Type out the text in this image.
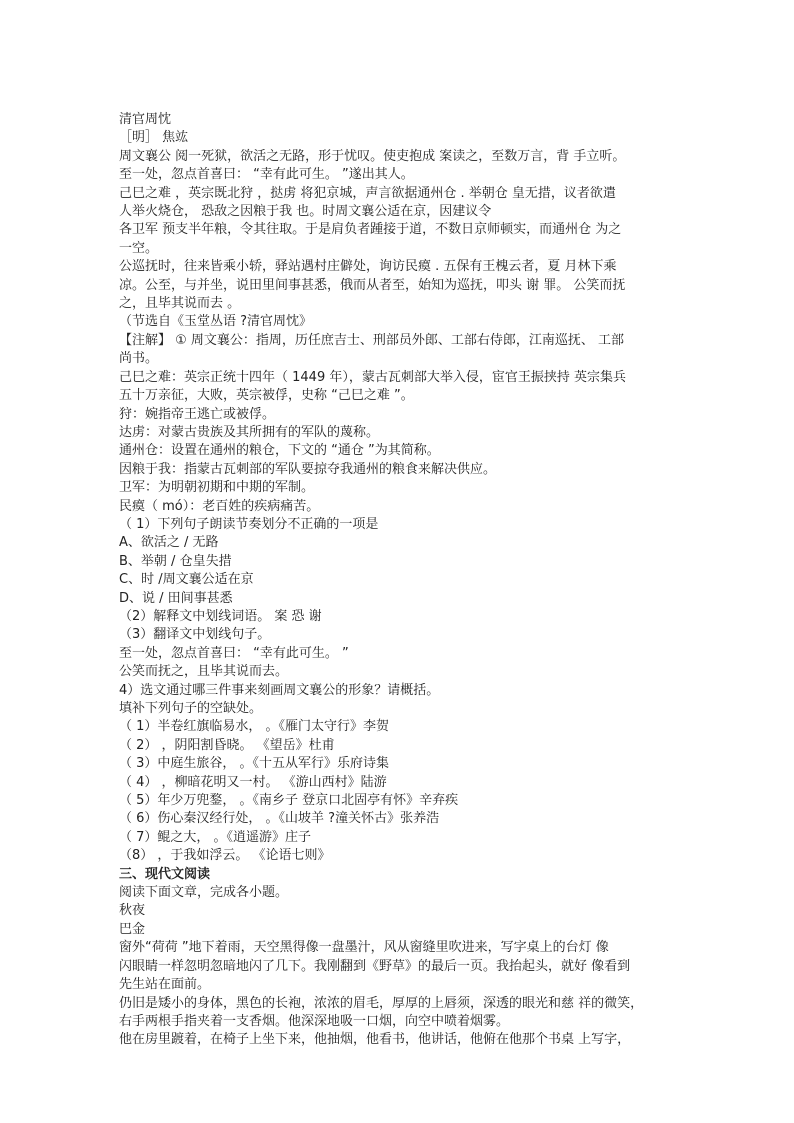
清官周忱
［明］ 焦竑
周文襄公 阅一死狱，欲活之无路，形于忧叹。使吏抱成 案读之，至数万言，背 手立听。
至一处，忽点首喜曰： “幸有此可生。 ”遂出其人。
己巳之难 ，英宗既北狩 ，挞虏 将犯京城，声言欲据通州仓 . 举朝仓 皇无措，议者欲遣
人举火烧仓， 恐敌之因粮于我 也。时周文襄公适在京，因建议令
各卫军 预支半年粮，令其往取。于是肩负者踵接于道，不数日京师顿实，而通州仓 为之
一空。
公巡抚时，往来皆乘小轿，驿站遇村庄僻处，询访民瘼 . 五保有王槐云者，夏 月林下乘
凉。公至，与并坐，说田里间事甚悉，俄而从者至，始知为巡抚，叩头 谢 罪。 公笑而抚
之，且毕其说而去 。
（节选自《玉堂丛语 ?清官周忱》
【注解】 ① 周文襄公：指周，历任庶吉士、刑部员外郎、工部右侍郎，江南巡抚、 工部
尚书。
己巳之难：英宗正统十四年（ 1449 年），蒙古瓦刺部大举入侵，宦官王振挟持 英宗集兵
五十万亲征，大败，英宗被俘，史称 “己巳之难 ”。
狩：婉指帝王逃亡或被俘。
达虏：对蒙古贵族及其所拥有的军队的蔑称。
通州仓：设置在通州的粮仓，下文的 “通仓 ”为其简称。
因粮于我：指蒙古瓦刺部的军队要掠夺我通州的粮食来解决供应。
卫军：为明朝初期和中期的军制。
民瘼（ mó）：老百姓的疾病痛苦。
（ 1）下列句子朗读节奏划分不正确的一项是
A、欲活之 / 无路
B、举朝 / 仓皇失措
C、时 /周文襄公适在京
D、说 / 田间事甚悉
（2）解释文中划线词语。 案 恐 谢
（3）翻译文中划线句子。
至一处，忽点首喜曰： “幸有此可生。 ”
公笑而抚之，且毕其说而去。
4）选文通过哪三件事来刻画周文襄公的形象？请概括。
填补下列句子的空缺处。
（ 1）半卷红旗临易水， 。《雁门太守行》李贺
（ 2） ，阴阳割昏晓。 《望岳》杜甫
（ 3）中庭生旅谷， 。《十五从军行》乐府诗集
（ 4） ，柳暗花明又一村。 《游山西村》陆游
（ 5）年少万兜鍪， 。《南乡子 登京口北固亭有怀》辛弃疾
（ 6）伤心秦汉经行处， 。《山坡羊 ?潼关怀古》张养浩
（ 7）鲲之大， 。《逍遥游》庄子
（8） ，于我如浮云。 《论语七则》
三、现代文阅读
阅读下面文章，完成各小题。
秋夜
巴金
窗外“荷荷 ”地下着雨，天空黑得像一盘墨汁，风从窗缝里吹进来，写字桌上的台灯 像
闪眼睛一样忽明忽暗地闪了几下。我刚翻到《野草》的最后一页。我抬起头，就好 像看到
先生站在面前。
仍旧是矮小的身体，黑色的长袍，浓浓的眉毛，厚厚的上唇须，深透的眼光和慈 祥的微笑，
右手两根手指夹着一支香烟。他深深地吸一口烟，向空中喷着烟雾。
他在房里踱着，在椅子上坐下来，他抽烟，他看书，他讲话，他俯在他那个书桌 上写字，
